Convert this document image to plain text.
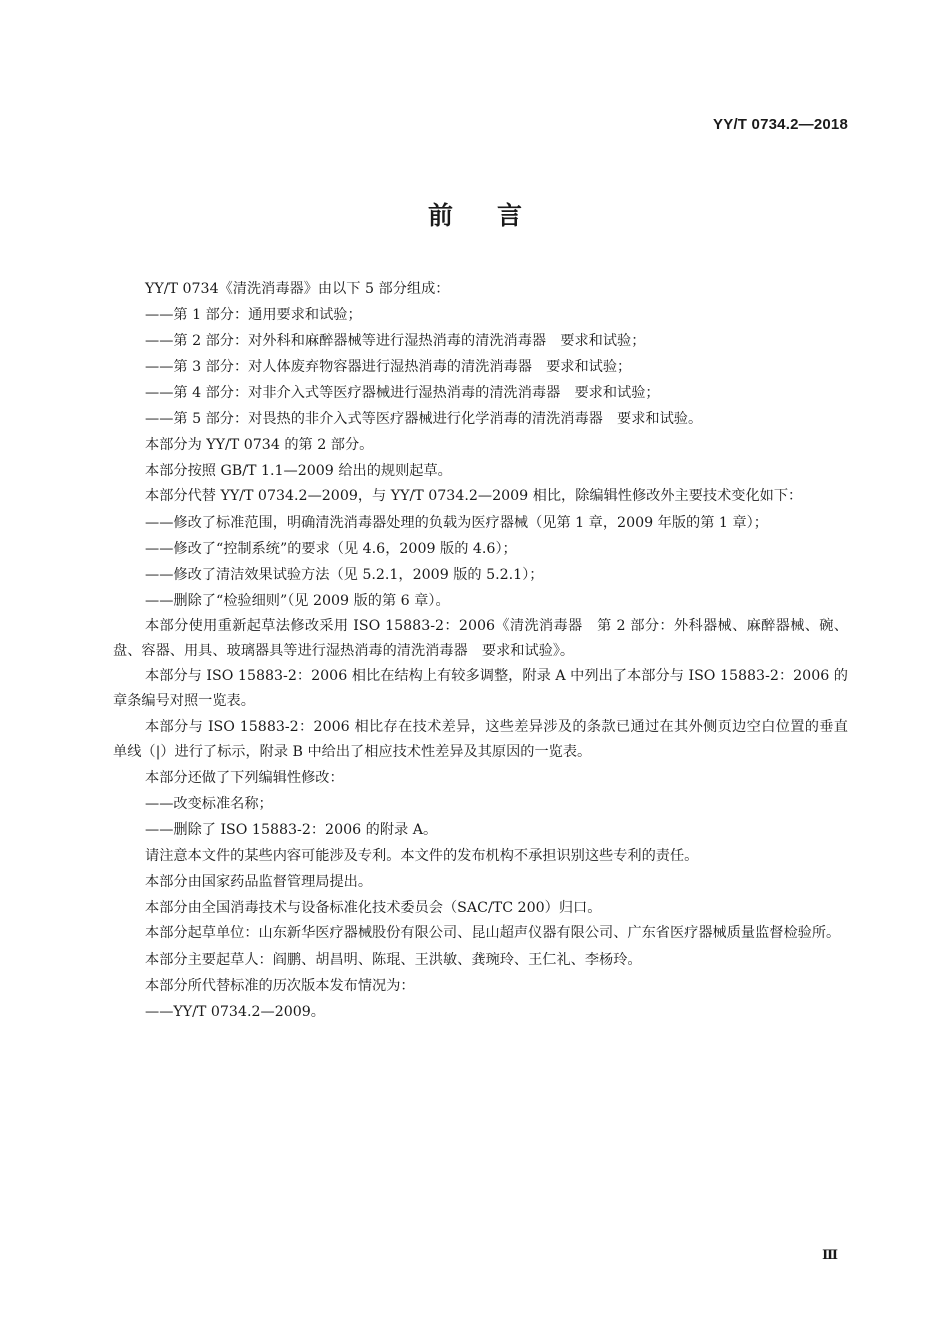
YY/T 0734.2—2018
前言

YY/T 0734《清洗消毒器》由以下 5 部分组成：

——第 1 部分：通用要求和试验；

——第 2 部分：对外科和麻醉器械等进行湿热消毒的清洗消毒器　要求和试验；

——第 3 部分：对人体废弃物容器进行湿热消毒的清洗消毒器　要求和试验；

——第 4 部分：对非介入式等医疗器械进行湿热消毒的清洗消毒器　要求和试验；

——第 5 部分：对畏热的非介入式等医疗器械进行化学消毒的清洗消毒器　要求和试验。

本部分为 YY/T 0734 的第 2 部分。

本部分按照 GB/T 1.1—2009 给出的规则起草。

本部分代替 YY/T 0734.2—2009，与 YY/T 0734.2—2009 相比，除编辑性修改外主要技术变化如下：

——修改了标准范围，明确清洗消毒器处理的负载为医疗器械（见第 1 章，2009 年版的第 1 章）；

——修改了“控制系统”的要求（见 4.6，2009 版的 4.6）；

——修改了清洁效果试验方法（见 5.2.1，2009 版的 5.2.1）；

——删除了“检验细则”（见 2009 版的第 6 章）。

本部分使用重新起草法修改采用 ISO 15883-2：2006《清洗消毒器　第 2 部分：外科器械、麻醉器械、碗、盘、容器、用具、玻璃器具等进行湿热消毒的清洗消毒器　要求和试验》。

本部分与 ISO 15883-2：2006 相比在结构上有较多调整，附录 A 中列出了本部分与 ISO 15883-2：2006 的章条编号对照一览表。

本部分与 ISO 15883-2：2006 相比存在技术差异，这些差异涉及的条款已通过在其外侧页边空白位置的垂直单线（|）进行了标示，附录 B 中给出了相应技术性差异及其原因的一览表。

本部分还做了下列编辑性修改：

——改变标准名称；

——删除了 ISO 15883-2：2006 的附录 A。

请注意本文件的某些内容可能涉及专利。本文件的发布机构不承担识别这些专利的责任。

本部分由国家药品监督管理局提出。

本部分由全国消毒技术与设备标准化技术委员会（SAC/TC 200）归口。

本部分起草单位：山东新华医疗器械股份有限公司、昆山超声仪器有限公司、广东省医疗器械质量监督检验所。

本部分主要起草人：阎鹏、胡昌明、陈琨、王洪敏、龚琬玲、王仁礼、李杨玲。

本部分所代替标准的历次版本发布情况为：

——YY/T 0734.2—2009。

Ⅲ
